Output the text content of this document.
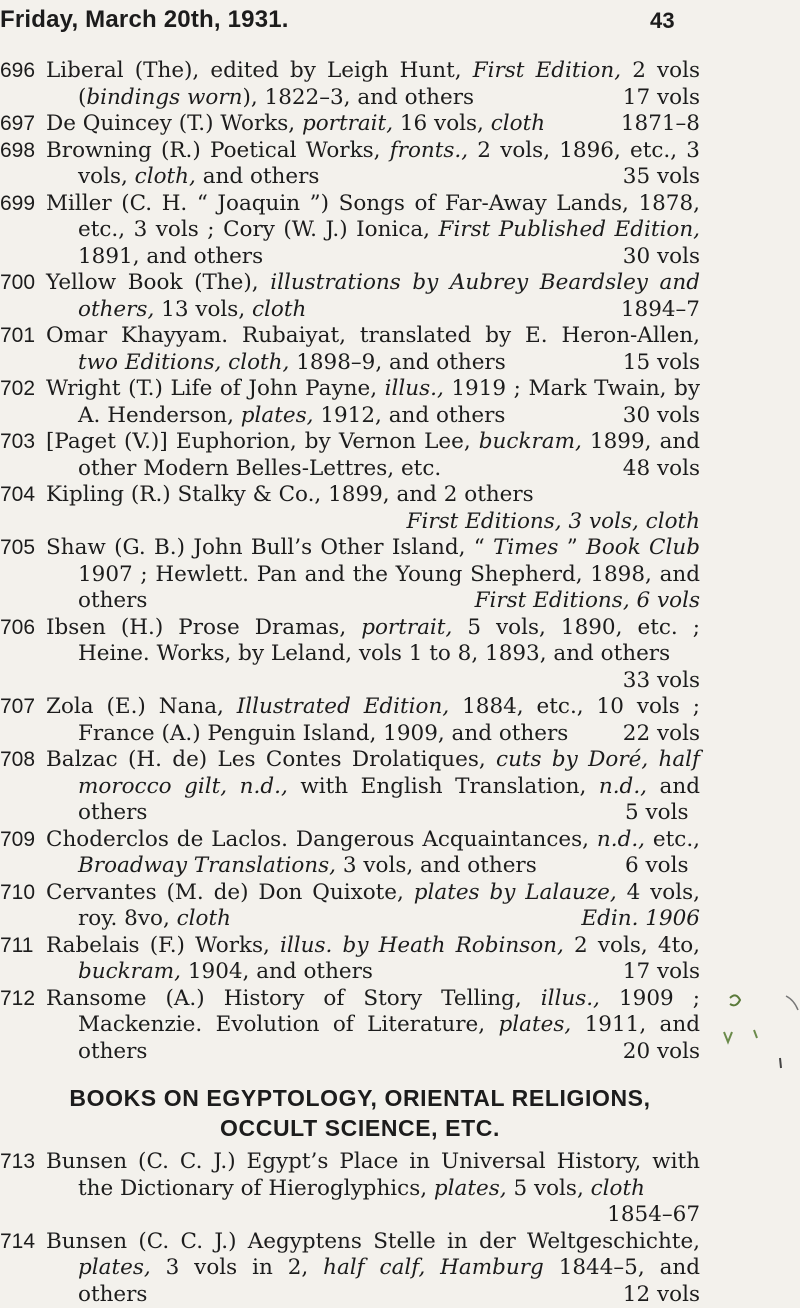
Friday, March 20th, 1931.	43
696 Liberal (The), edited by Leigh Hunt, First Edition, 2 vols (bindings worn), 1822–3, and others	17 vols
697 De Quincey (T.) Works, portrait, 16 vols, cloth	1871–8
698 Browning (R.) Poetical Works, fronts., 2 vols, 1896, etc., 3 vols, cloth, and others	35 vols
699 Miller (C. H. “ Joaquin ”) Songs of Far-Away Lands, 1878, etc., 3 vols ; Cory (W. J.) Ionica, First Published Edition, 1891, and others	30 vols
700 Yellow Book (The), illustrations by Aubrey Beardsley and others, 13 vols, cloth	1894–7
701 Omar Khayyam. Rubaiyat, translated by E. Heron-Allen, two Editions, cloth, 1898–9, and others	15 vols
702 Wright (T.) Life of John Payne, illus., 1919 ; Mark Twain, by A. Henderson, plates, 1912, and others	30 vols
703 [Paget (V.)] Euphorion, by Vernon Lee, buckram, 1899, and other Modern Belles-Lettres, etc.	48 vols
704 Kipling (R.) Stalky & Co., 1899, and 2 others
First Editions, 3 vols, cloth
705 Shaw (G. B.) John Bull’s Other Island, “ Times ” Book Club 1907 ; Hewlett. Pan and the Young Shepherd, 1898, and others	First Editions, 6 vols
706 Ibsen (H.) Prose Dramas, portrait, 5 vols, 1890, etc. ; Heine. Works, by Leland, vols 1 to 8, 1893, and others
33 vols
707 Zola (E.) Nana, Illustrated Edition, 1884, etc., 10 vols ; France (A.) Penguin Island, 1909, and others	22 vols
708 Balzac (H. de) Les Contes Drolatiques, cuts by Doré, half morocco gilt, n.d., with English Translation, n.d., and others	5 vols
709 Choderclos de Laclos. Dangerous Acquaintances, n.d., etc., Broadway Translations, 3 vols, and others	6 vols
710 Cervantes (M. de) Don Quixote, plates by Lalauze, 4 vols, roy. 8vo, cloth	Edin. 1906
711 Rabelais (F.) Works, illus. by Heath Robinson, 2 vols, 4to, buckram, 1904, and others	17 vols
712 Ransome (A.) History of Story Telling, illus., 1909 ; Mackenzie. Evolution of Literature, plates, 1911, and others	20 vols
BOOKS ON EGYPTOLOGY, ORIENTAL RELIGIONS, OCCULT SCIENCE, ETC.
713 Bunsen (C. C. J.) Egypt’s Place in Universal History, with the Dictionary of Hieroglyphics, plates, 5 vols, cloth
1854–67
714 Bunsen (C. C. J.) Aegyptens Stelle in der Weltgeschichte, plates, 3 vols in 2, half calf, Hamburg 1844–5, and others	12 vols
